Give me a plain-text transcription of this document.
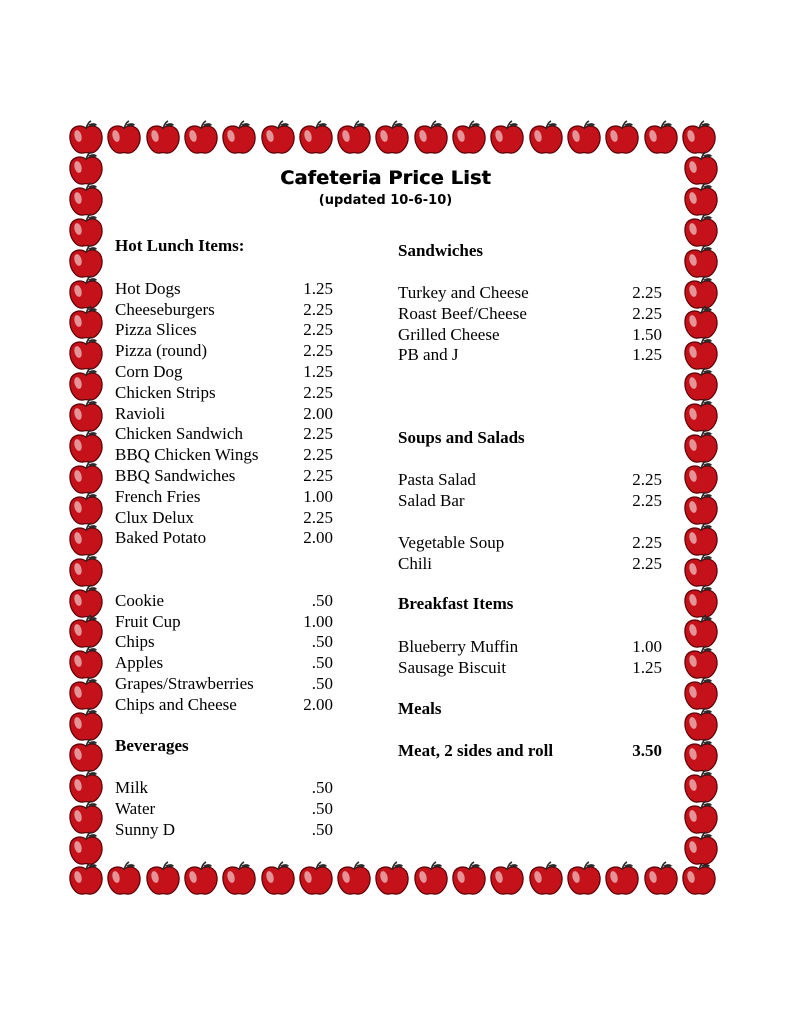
Cafeteria Price List
(updated 10-6-10)
Hot Lunch Items:
Hot Dogs	1.25
Cheeseburgers	2.25
Pizza Slices	2.25
Pizza (round)	2.25
Corn Dog	1.25
Chicken Strips	2.25
Ravioli	2.00
Chicken Sandwich	2.25
BBQ Chicken Wings	2.25
BBQ Sandwiches	2.25
French Fries	1.00
Clux Delux	2.25
Baked Potato	2.00
Cookie	.50
Fruit Cup	1.00
Chips	.50
Apples	.50
Grapes/Strawberries	.50
Chips and Cheese	2.00
Beverages
Milk	.50
Water	.50
Sunny D	.50
Sandwiches
Turkey and Cheese	2.25
Roast Beef/Cheese	2.25
Grilled Cheese	1.50
PB and J	1.25
Soups and Salads
Pasta Salad	2.25
Salad Bar	2.25
Vegetable Soup	2.25
Chili	2.25
Breakfast Items
Blueberry Muffin	1.00
Sausage Biscuit	1.25
Meals
Meat, 2 sides and roll	3.50
